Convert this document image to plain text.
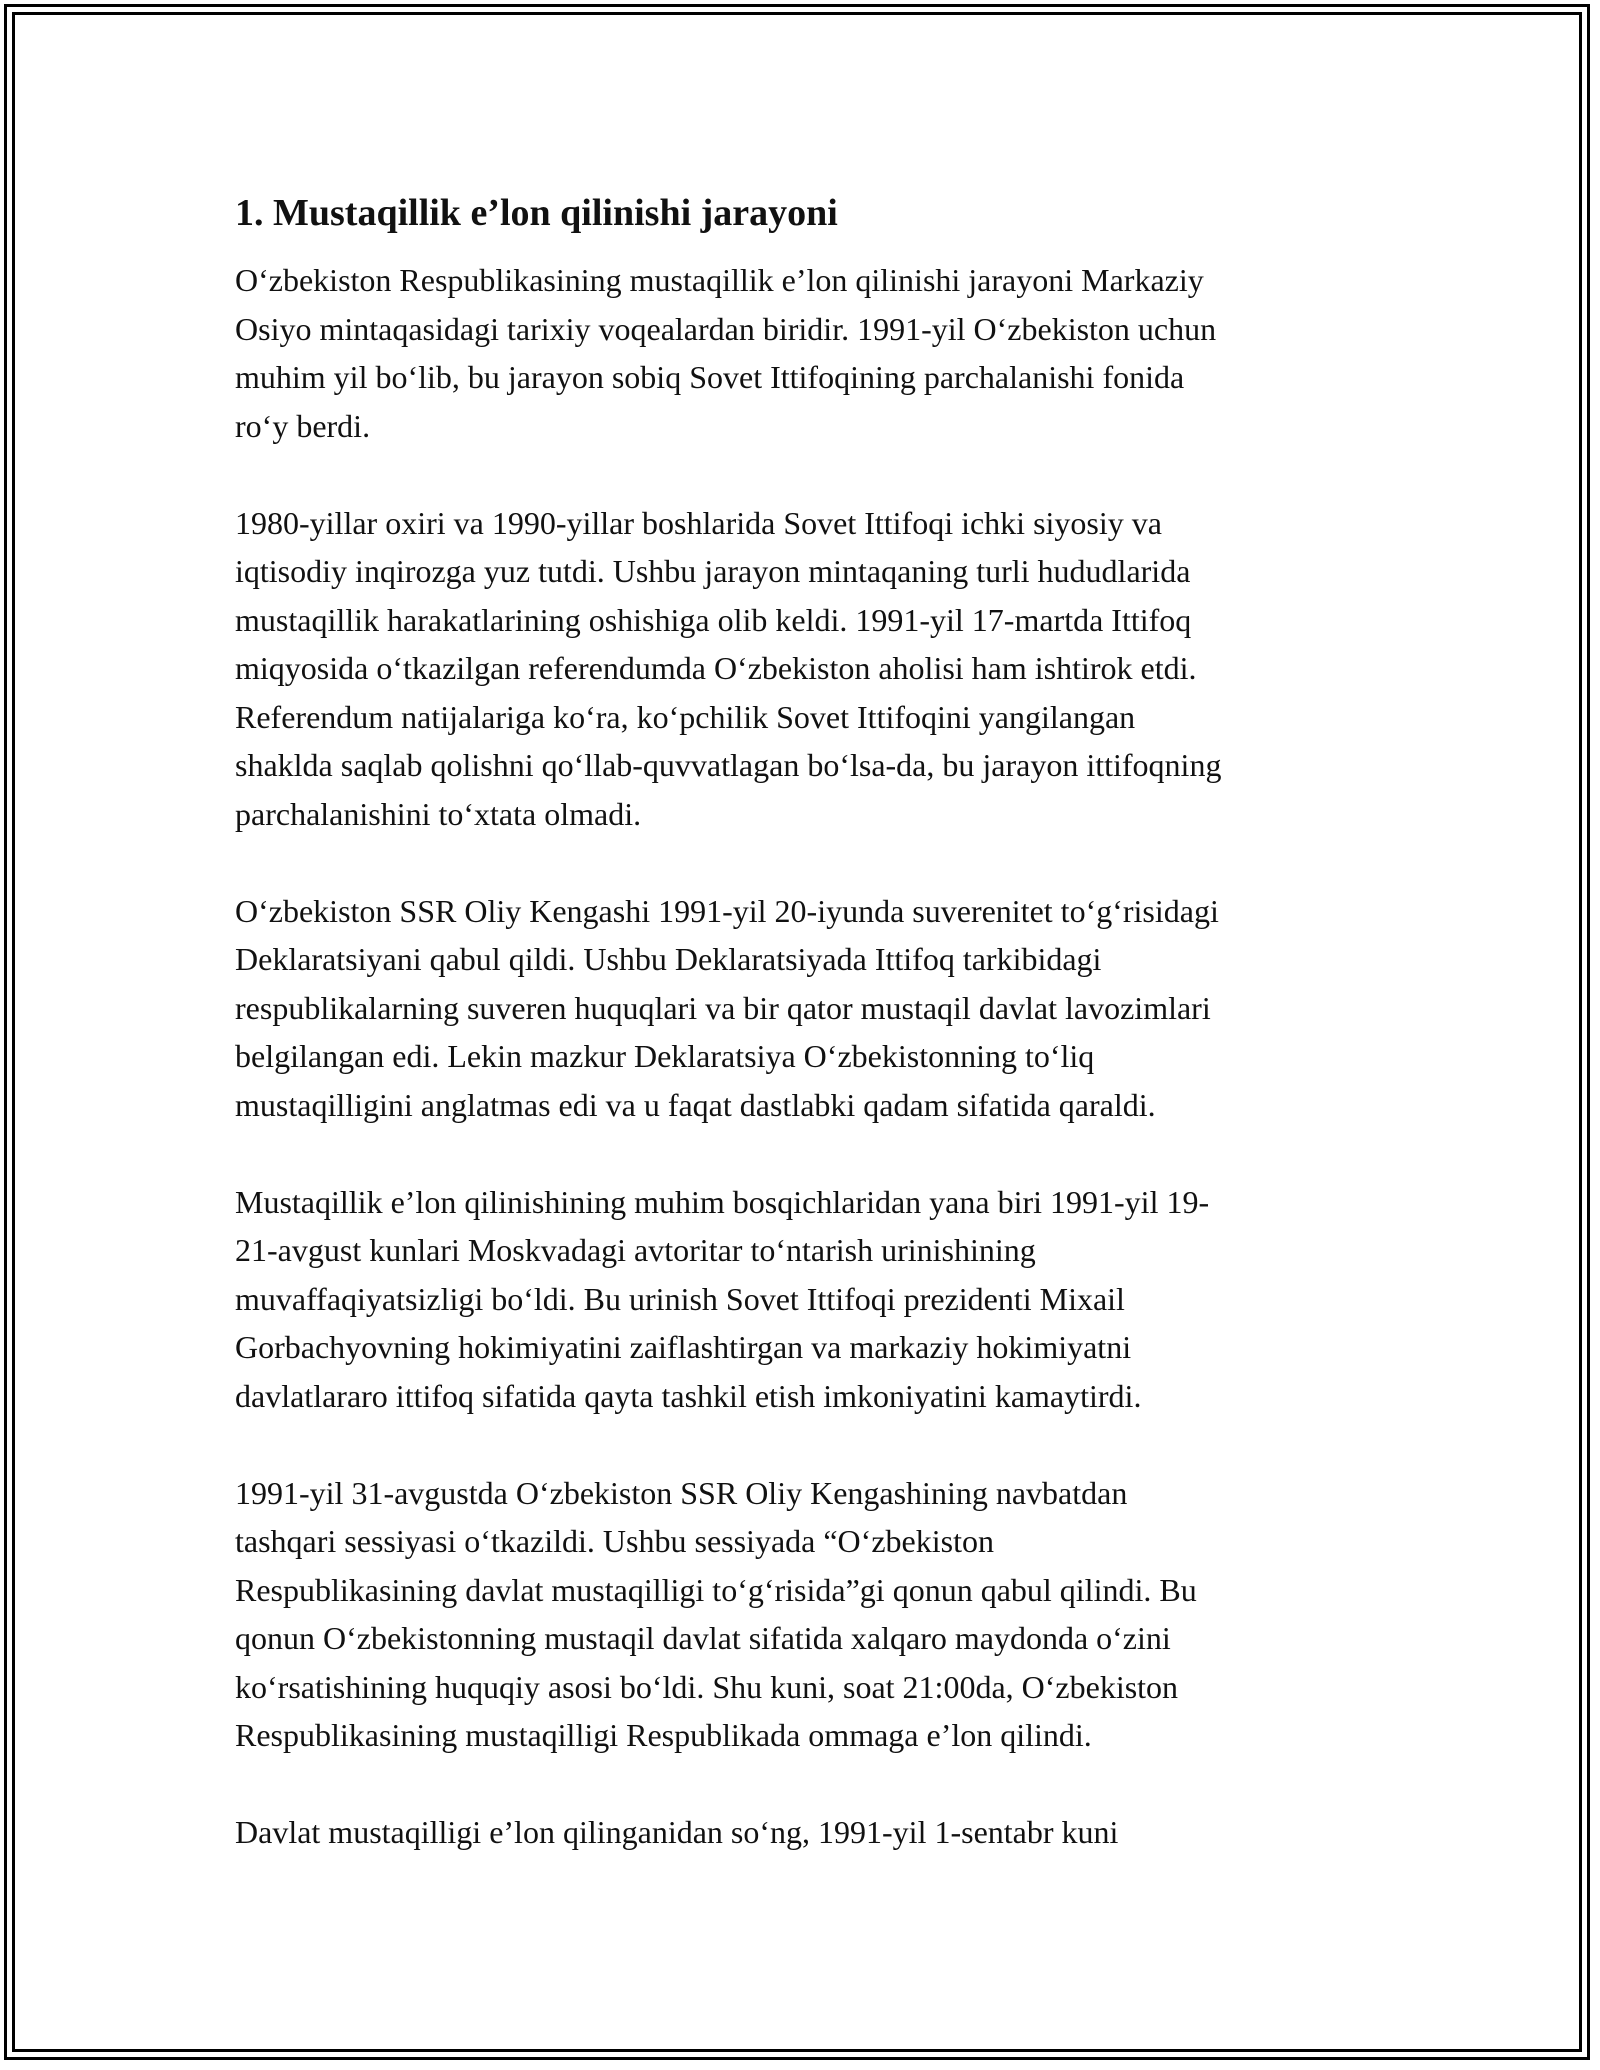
1. Mustaqillik e’lon qilinishi jarayoni

O‘zbekiston Respublikasining mustaqillik e’lon qilinishi jarayoni Markaziy
Osiyo mintaqasidagi tarixiy voqealardan biridir. 1991-yil O‘zbekiston uchun
muhim yil bo‘lib, bu jarayon sobiq Sovet Ittifoqining parchalanishi fonida
ro‘y berdi.

1980-yillar oxiri va 1990-yillar boshlarida Sovet Ittifoqi ichki siyosiy va
iqtisodiy inqirozga yuz tutdi. Ushbu jarayon mintaqaning turli hududlarida
mustaqillik harakatlarining oshishiga olib keldi. 1991-yil 17-martda Ittifoq
miqyosida o‘tkazilgan referendumda O‘zbekiston aholisi ham ishtirok etdi.
Referendum natijalariga ko‘ra, ko‘pchilik Sovet Ittifoqini yangilangan
shaklda saqlab qolishni qo‘llab-quvvatlagan bo‘lsa-da, bu jarayon ittifoqning
parchalanishini to‘xtata olmadi.

O‘zbekiston SSR Oliy Kengashi 1991-yil 20-iyunda suverenitet to‘g‘risidagi
Deklaratsiyani qabul qildi. Ushbu Deklaratsiyada Ittifoq tarkibidagi
respublikalarning suveren huquqlari va bir qator mustaqil davlat lavozimlari
belgilangan edi. Lekin mazkur Deklaratsiya O‘zbekistonning to‘liq
mustaqilligini anglatmas edi va u faqat dastlabki qadam sifatida qaraldi.

Mustaqillik e’lon qilinishining muhim bosqichlaridan yana biri 1991-yil 19-
21-avgust kunlari Moskvadagi avtoritar to‘ntarish urinishining
muvaffaqiyatsizligi bo‘ldi. Bu urinish Sovet Ittifoqi prezidenti Mixail
Gorbachyovning hokimiyatini zaiflashtirgan va markaziy hokimiyatni
davlatlararo ittifoq sifatida qayta tashkil etish imkoniyatini kamaytirdi.

1991-yil 31-avgustda O‘zbekiston SSR Oliy Kengashining navbatdan
tashqari sessiyasi o‘tkazildi. Ushbu sessiyada “O‘zbekiston
Respublikasining davlat mustaqilligi to‘g‘risida”gi qonun qabul qilindi. Bu
qonun O‘zbekistonning mustaqil davlat sifatida xalqaro maydonda o‘zini
ko‘rsatishining huquqiy asosi bo‘ldi. Shu kuni, soat 21:00da, O‘zbekiston
Respublikasining mustaqilligi Respublikada ommaga e’lon qilindi.

Davlat mustaqilligi e’lon qilinganidan so‘ng, 1991-yil 1-sentabr kuni
